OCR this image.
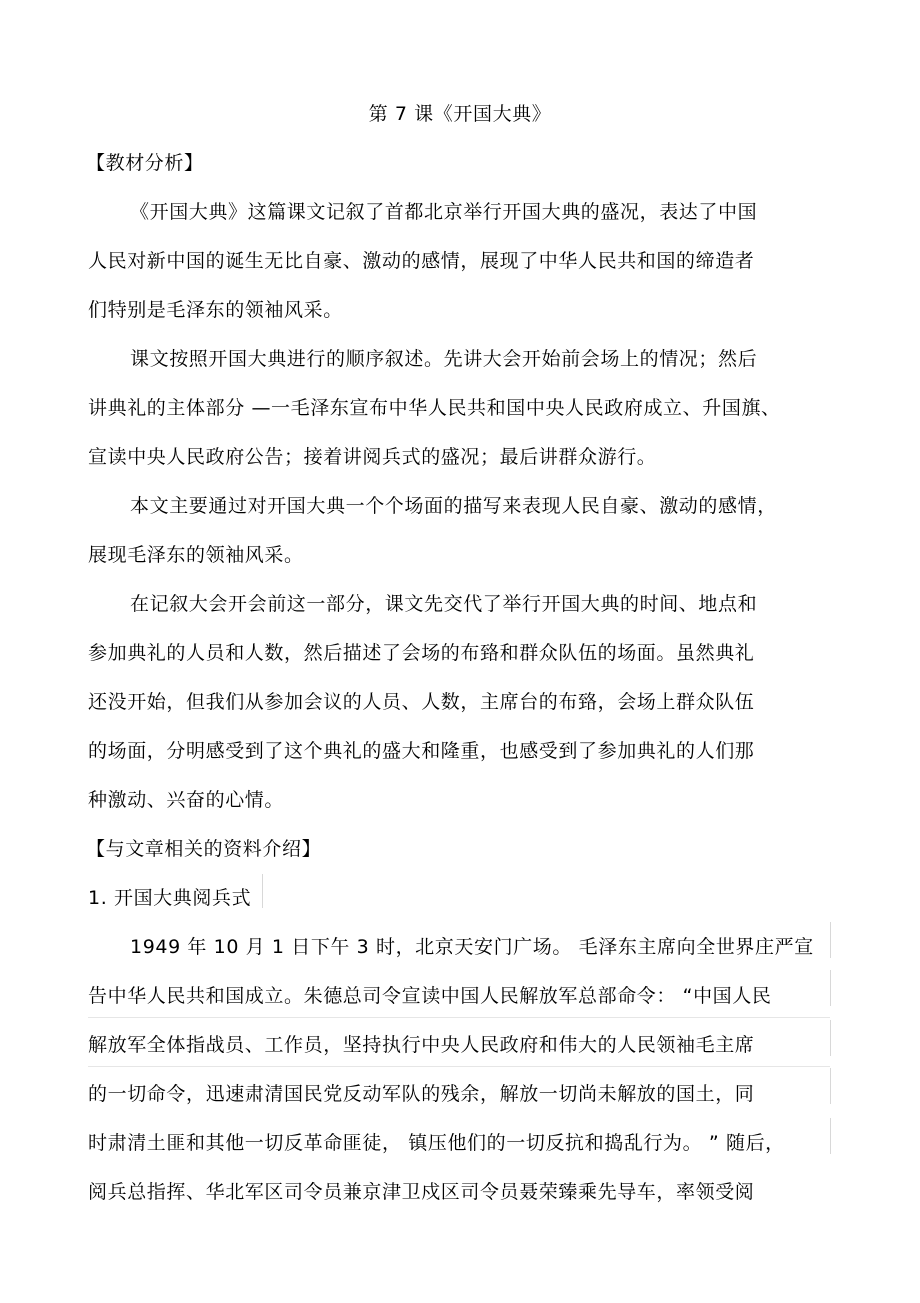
第 7 课《开国大典》

【教材分析】

《开国大典》这篇课文记叙了首都北京举行开国大典的盛况，表达了中国

人民对新中国的诞生无比自豪、激动的感情，展现了中华人民共和国的缔造者

们特别是毛泽东的领袖风采。

课文按照开国大典进行的顺序叙述。先讲大会开始前会场上的情况；然后

讲典礼的主体部分 —一毛泽东宣布中华人民共和国中央人民政府成立、升国旗、

宣读中央人民政府公告；接着讲阅兵式的盛况；最后讲群众游行。

本文主要通过对开国大典一个个场面的描写来表现人民自豪、激动的感情，

展现毛泽东的领袖风采。

在记叙大会开会前这一部分，课文先交代了举行开国大典的时间、地点和

参加典礼的人员和人数，然后描述了会场的布臵和群众队伍的场面。虽然典礼

还没开始，但我们从参加会议的人员、人数，主席台的布臵，会场上群众队伍

的场面，分明感受到了这个典礼的盛大和隆重，也感受到了参加典礼的人们那

种激动、兴奋的心情。

【与文章相关的资料介绍】

1. 开国大典阅兵式

1949 年 10 月 1 日下午 3 时，北京天安门广场。 毛泽东主席向全世界庄严宣

告中华人民共和国成立。朱德总司令宣读中国人民解放军总部命令： “中国人民

解放军全体指战员、工作员，坚持执行中央人民政府和伟大的人民领袖毛主席

的一切命令，迅速肃清国民党反动军队的残余，解放一切尚未解放的国土，同

时肃清土匪和其他一切反革命匪徒， 镇压他们的一切反抗和捣乱行为。 ” 随后，

阅兵总指挥、华北军区司令员兼京津卫戍区司令员聂荣臻乘先导车，率领受阅
